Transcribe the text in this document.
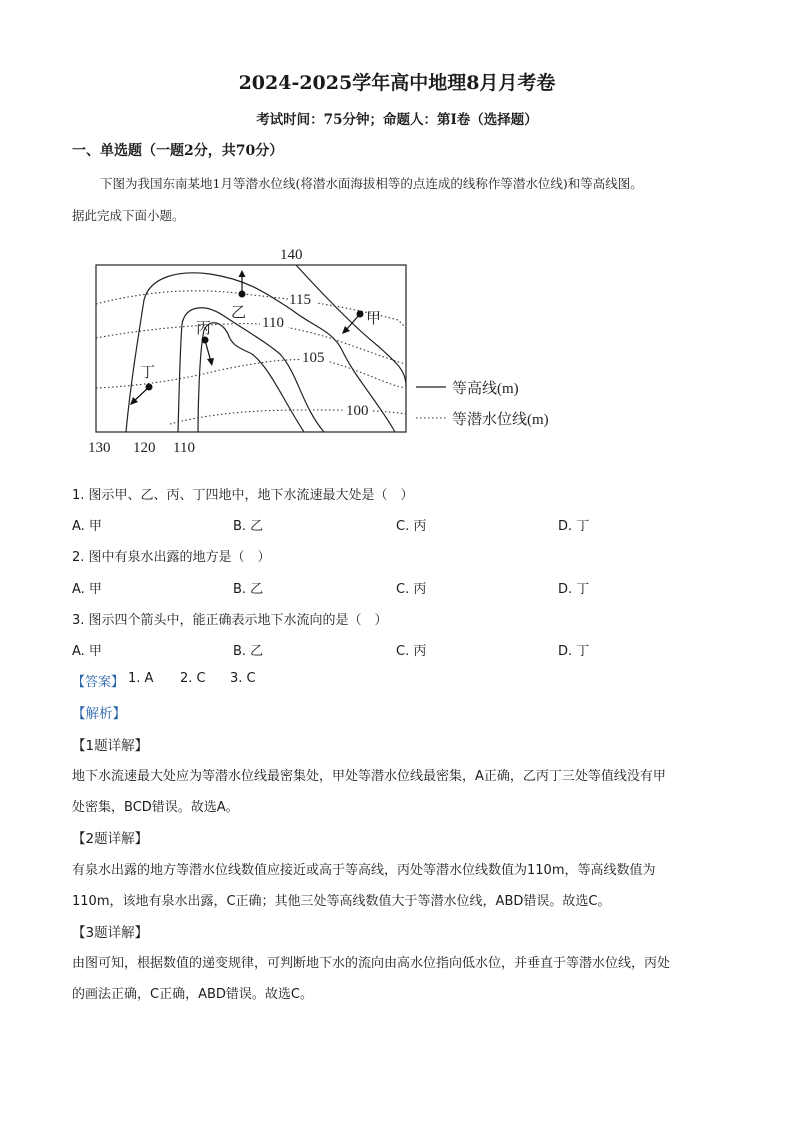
2024-2025学年高中地理8月月考卷
考试时间：75分钟；命题人：第I卷（选择题）
一、单选题（一题2分，共70分）
下图为我国东南某地1月等潜水位线(将潜水面海拔相等的点连成的线称作等潜水位线)和等高线图。
据此完成下面小题。
140
130 120 110
115
110
105
100
乙	甲
丙
丁
等高线(m)
等潜水位线(m)
1. 图示甲、乙、丙、丁四地中，地下水流速最大处是（　）
A. 甲	B. 乙	C. 丙	D. 丁
2. 图中有泉水出露的地方是（　）
A. 甲	B. 乙	C. 丙	D. 丁
3. 图示四个箭头中，能正确表示地下水流向的是（　）
A. 甲	B. 乙	C. 丙	D. 丁
【答案】 1. A 2. C 3. C
【解析】
【1题详解】
地下水流速最大处应为等潜水位线最密集处，甲处等潜水位线最密集，A正确，乙丙丁三处等值线没有甲
处密集，BCD错误。故选A。
【2题详解】
有泉水出露的地方等潜水位线数值应接近或高于等高线，丙处等潜水位线数值为110m，等高线数值为
110m，该地有泉水出露，C正确；其他三处等高线数值大于等潜水位线，ABD错误。故选C。
【3题详解】
由图可知，根据数值的递变规律，可判断地下水的流向由高水位指向低水位，并垂直于等潜水位线，丙处
的画法正确，C正确，ABD错误。故选C。
